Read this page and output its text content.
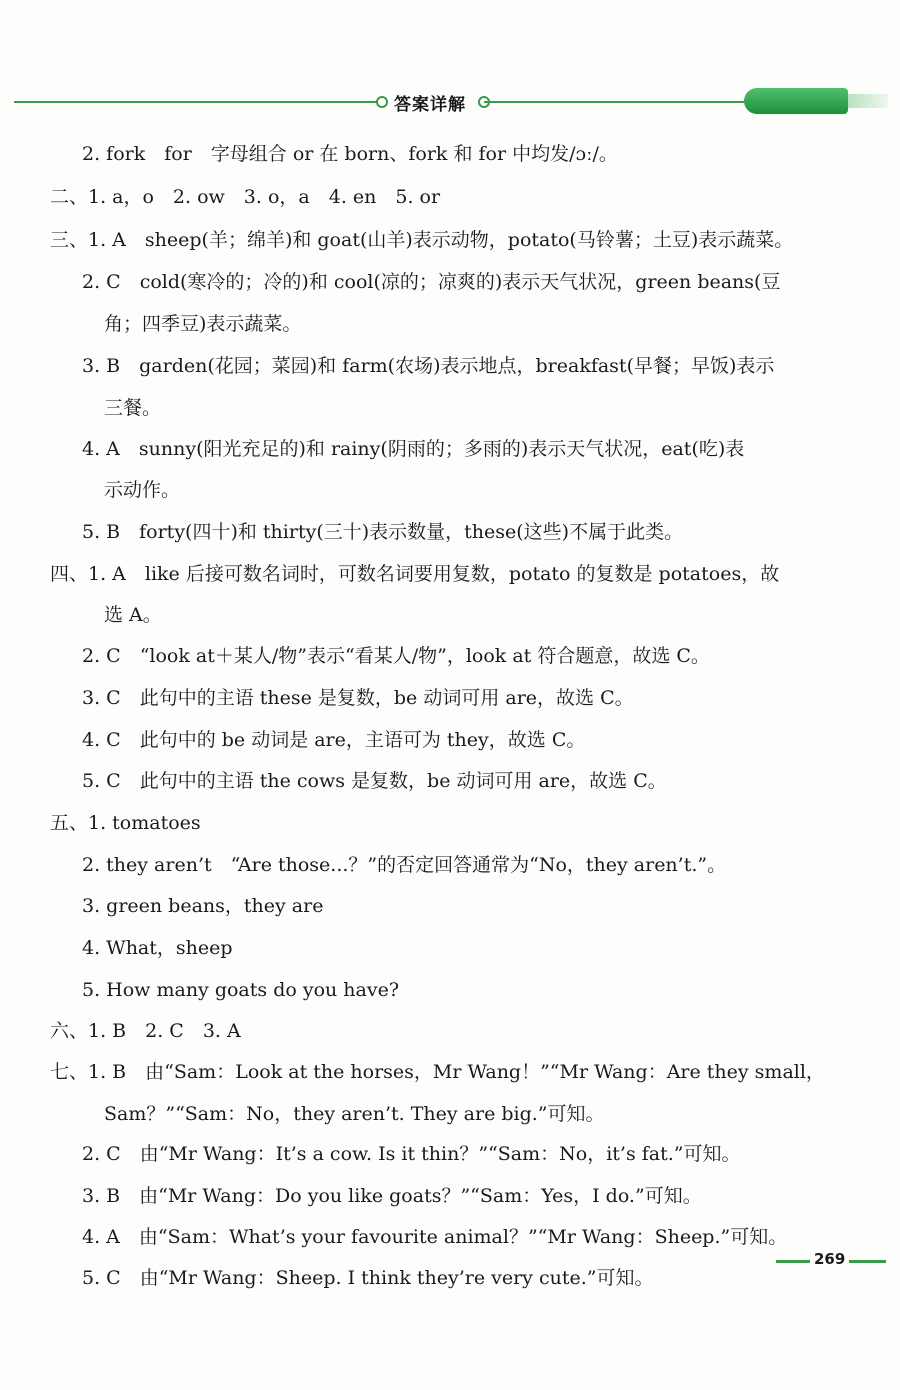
答案详解
2. fork　for　字母组合 or 在 born、fork 和 for 中均发/ɔː/。
二、1. a，o　2. ow　3. o，a　4. en　5. or
三、1. A　sheep(羊；绵羊)和 goat(山羊)表示动物，potato(马铃薯；土豆)表示蔬菜。
2. C　cold(寒冷的；冷的)和 cool(凉的；凉爽的)表示天气状况，green beans(豆
角；四季豆)表示蔬菜。
3. B　garden(花园；菜园)和 farm(农场)表示地点，breakfast(早餐；早饭)表示
三餐。
4. A　sunny(阳光充足的)和 rainy(阴雨的；多雨的)表示天气状况，eat(吃)表
示动作。
5. B　forty(四十)和 thirty(三十)表示数量，these(这些)不属于此类。
四、1. A　like 后接可数名词时，可数名词要用复数，potato 的复数是 potatoes，故
选 A。
2. C　“look at＋某人/物”表示“看某人/物”，look at 符合题意，故选 C。
3. C　此句中的主语 these 是复数，be 动词可用 are，故选 C。
4. C　此句中的 be 动词是 are，主语可为 they，故选 C。
5. C　此句中的主语 the cows 是复数，be 动词可用 are，故选 C。
五、1. tomatoes
2. they aren’t　“Are those...？”的否定回答通常为“No，they aren’t.”。
3. green beans，they are
4. What，sheep
5. How many goats do you have?
六、1. B　2. C　3. A
七、1. B　由“Sam：Look at the horses，Mr Wang！”“Mr Wang：Are they small，
Sam？”“Sam：No，they aren’t. They are big.”可知。
2. C　由“Mr Wang：It’s a cow. Is it thin？”“Sam：No，it’s fat.”可知。
3. B　由“Mr Wang：Do you like goats？”“Sam：Yes，I do.”可知。
4. A　由“Sam：What’s your favourite animal？”“Mr Wang：Sheep.”可知。
5. C　由“Mr Wang：Sheep. I think they’re very cute.”可知。
269
